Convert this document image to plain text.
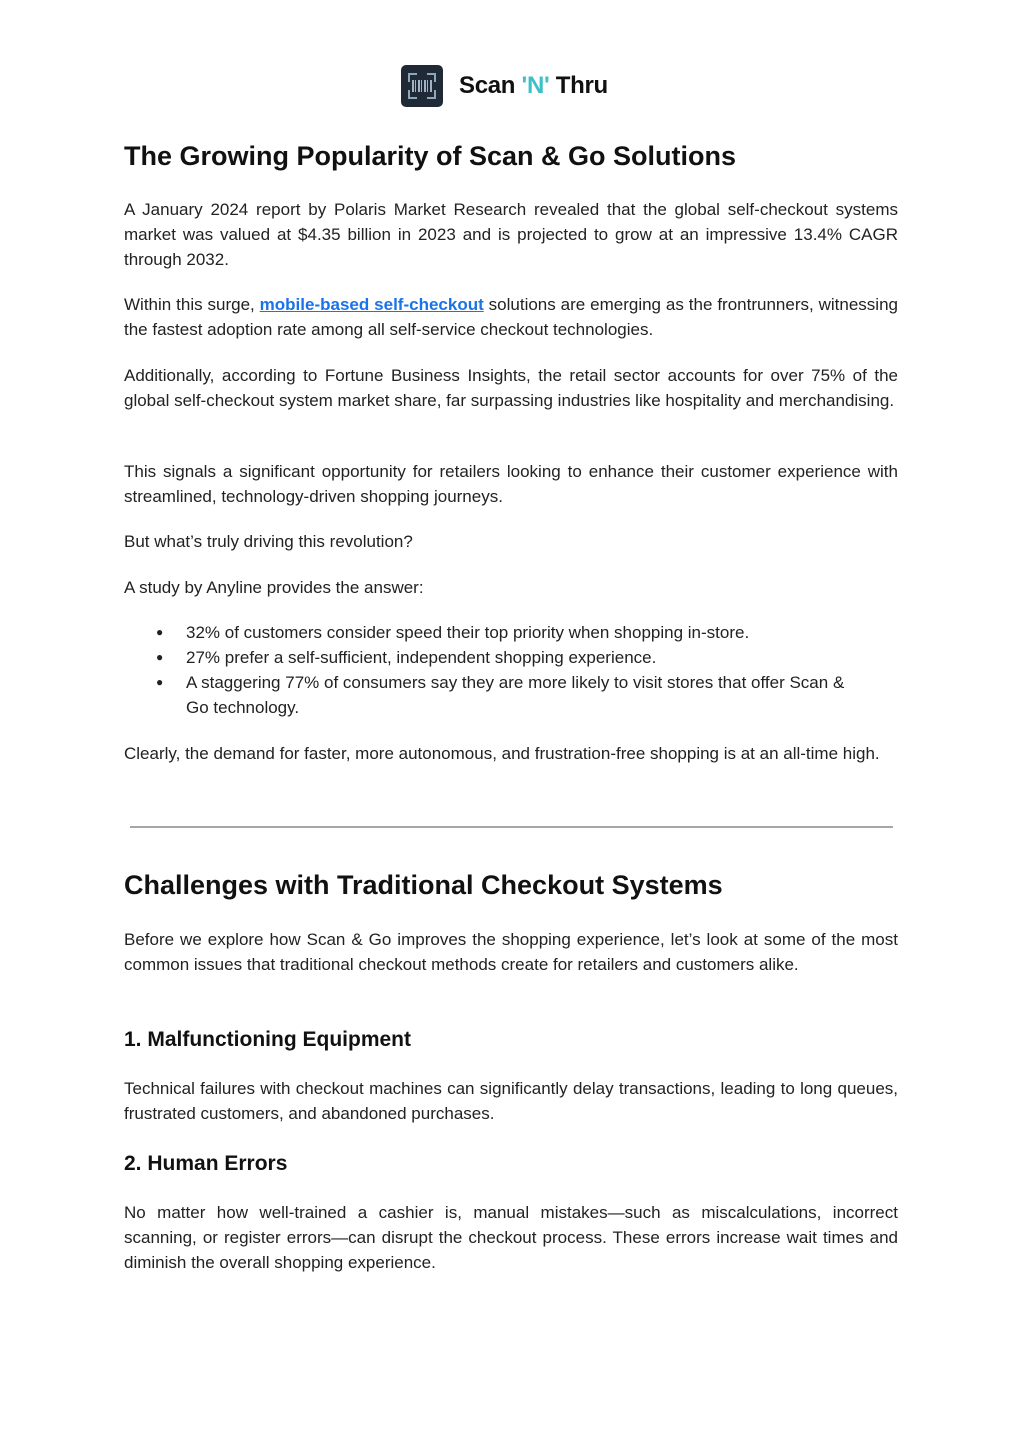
Scan 'N' Thru
The Growing Popularity of Scan & Go Solutions

A January 2024 report by Polaris Market Research revealed that the global self-checkout systems market was valued at $4.35 billion in 2023 and is projected to grow at an impressive 13.4% CAGR through 2032.

Within this surge, mobile-based self-checkout solutions are emerging as the frontrunners, witnessing the fastest adoption rate among all self-service checkout technologies.

Additionally, according to Fortune Business Insights, the retail sector accounts for over 75% of the global self-checkout system market share, far surpassing industries like hospitality and merchandising.

This signals a significant opportunity for retailers looking to enhance their customer experience with streamlined, technology-driven shopping journeys.

But what’s truly driving this revolution?

A study by Anyline provides the answer:

● 32% of customers consider speed their top priority when shopping in-store.
● 27% prefer a self-sufficient, independent shopping experience.
● A staggering 77% of consumers say they are more likely to visit stores that offer Scan & Go technology.

Clearly, the demand for faster, more autonomous, and frustration-free shopping is at an all-time high.

Challenges with Traditional Checkout Systems

Before we explore how Scan & Go improves the shopping experience, let’s look at some of the most common issues that traditional checkout methods create for retailers and customers alike.

1. Malfunctioning Equipment

Technical failures with checkout machines can significantly delay transactions, leading to long queues, frustrated customers, and abandoned purchases.

2. Human Errors

No matter how well-trained a cashier is, manual mistakes—such as miscalculations, incorrect scanning, or register errors—can disrupt the checkout process. These errors increase wait times and diminish the overall shopping experience.
